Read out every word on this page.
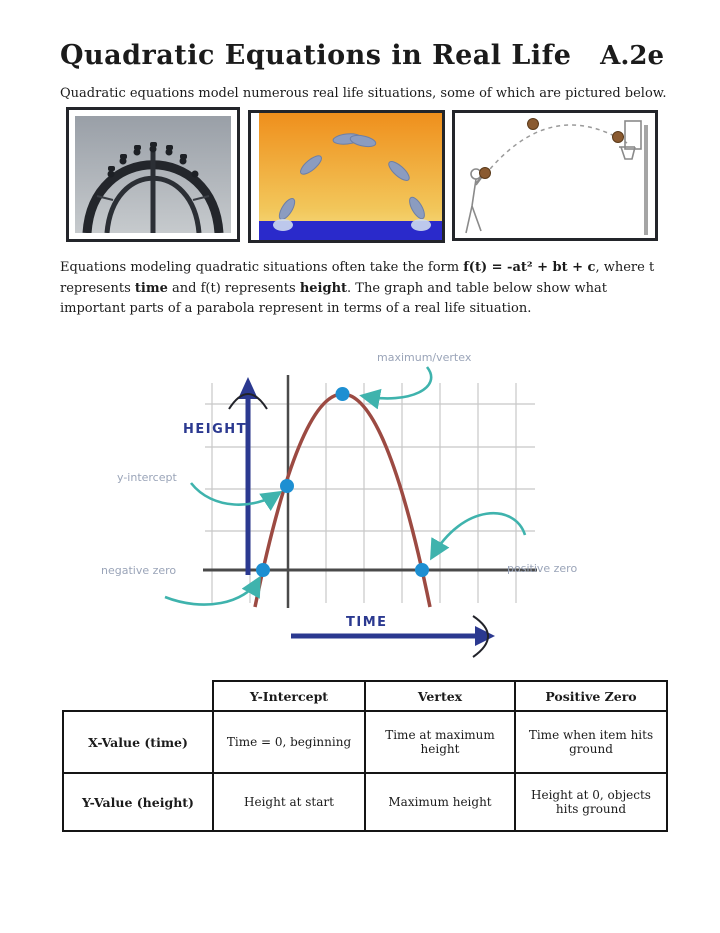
Quadratic Equations in Real Life A.2e
Quadratic equations model numerous real life situations, some of which are pictured below.
Equations modeling quadratic situations often take the form f(t) = -at² + bt + c, where t represents time and f(t) represents height. The graph and table below show what important parts of a parabola represent in terms of a real life situation.
maximum/vertex
HEIGHT
y-intercept
negative zero	positive zero
TIME
	Y-Intercept	Vertex	Positive Zero
X-Value (time)	Time = 0, beginning	Time at maximum height	Time when item hits ground
Y-Value (height)	Height at start	Maximum height	Height at 0, objects hits ground
